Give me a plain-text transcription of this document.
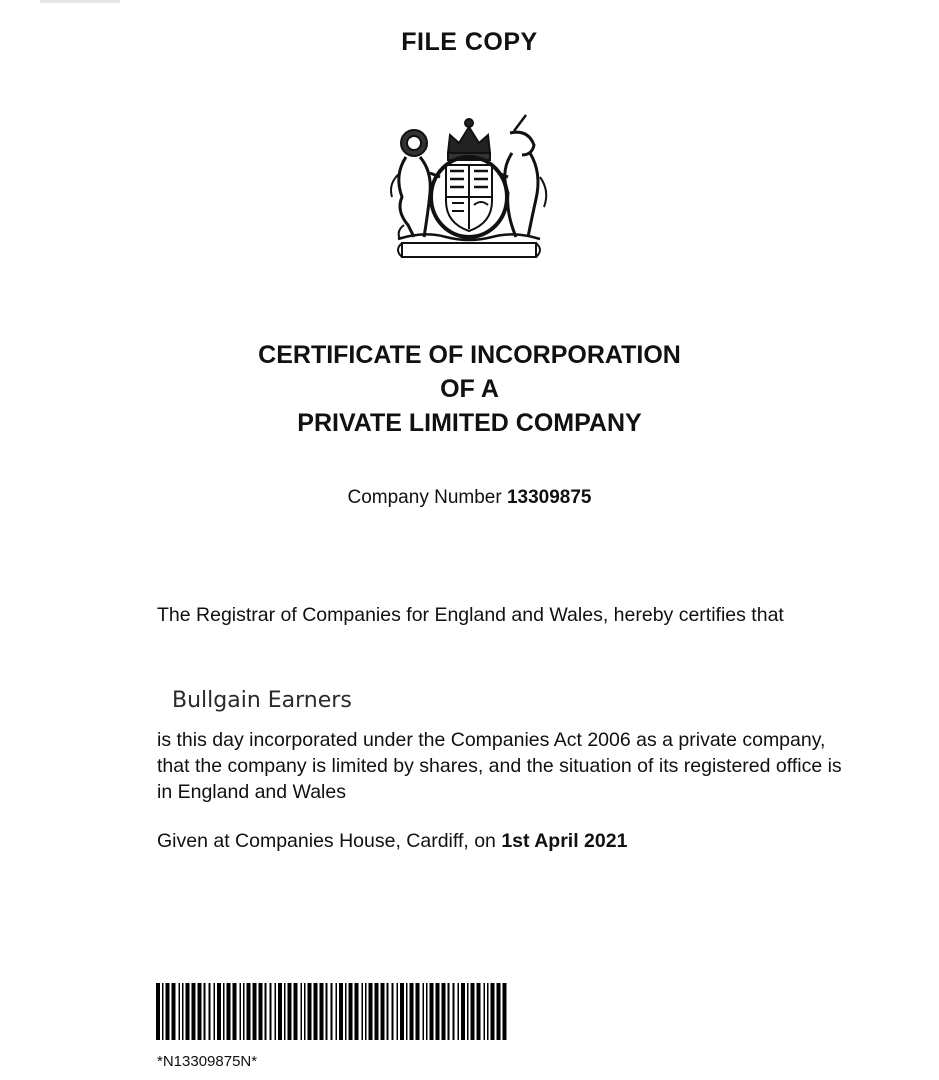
FILE COPY
CERTIFICATE OF INCORPORATION
OF A
PRIVATE LIMITED COMPANY
Company Number 13309875
The Registrar of Companies for England and Wales, hereby certifies that
Bullgain Earners
is this day incorporated under the Companies Act 2006 as a private company, that the company is limited by shares, and the situation of its registered office is in England and Wales
Given at Companies House, Cardiff, on 1st April 2021
*N13309875N*
